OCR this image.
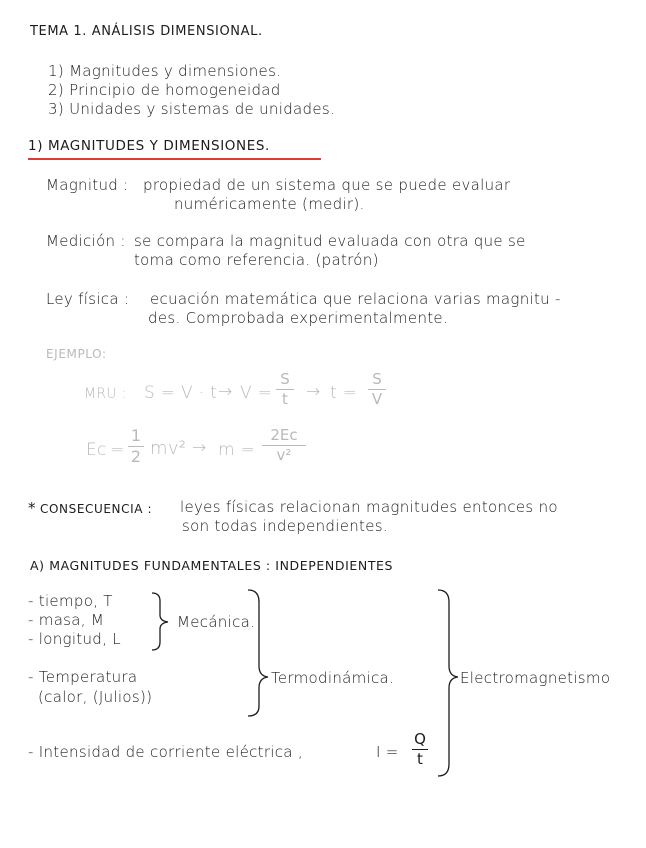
TEMA 1. ANÁLISIS DIMENSIONAL.
1) Magnitudes y dimensiones.
2) Principio de homogeneidad
3) Unidades y sistemas de unidades.
1) MAGNITUDES Y DIMENSIONES.
Magnitud : propiedad de un sistema que se puede evaluar
numéricamente (medir).
Medición : se compara la magnitud evaluada con otra que se
toma como referencia. (patrón)
Ley física : ecuación matemática que relaciona varias magnitu -
des. Comprobada experimentalmente.
EJEMPLO:
MRU : S = V · t → V =
S
t	→ t =
S
V
Ec =
1
2 mv² → m =
2Ec
v²
* CONSECUENCIA : leyes físicas relacionan magnitudes entonces no
son todas independientes.
A) MAGNITUDES FUNDAMENTALES : INDEPENDIENTES
- tiempo, T
- masa, M
- longitud, L
Mecánica.
- Temperatura
(calor, (Julios))
Termodinámica.	Electromagnetismo
- Intensidad de corriente eléctrica ,	I =
Q
t
